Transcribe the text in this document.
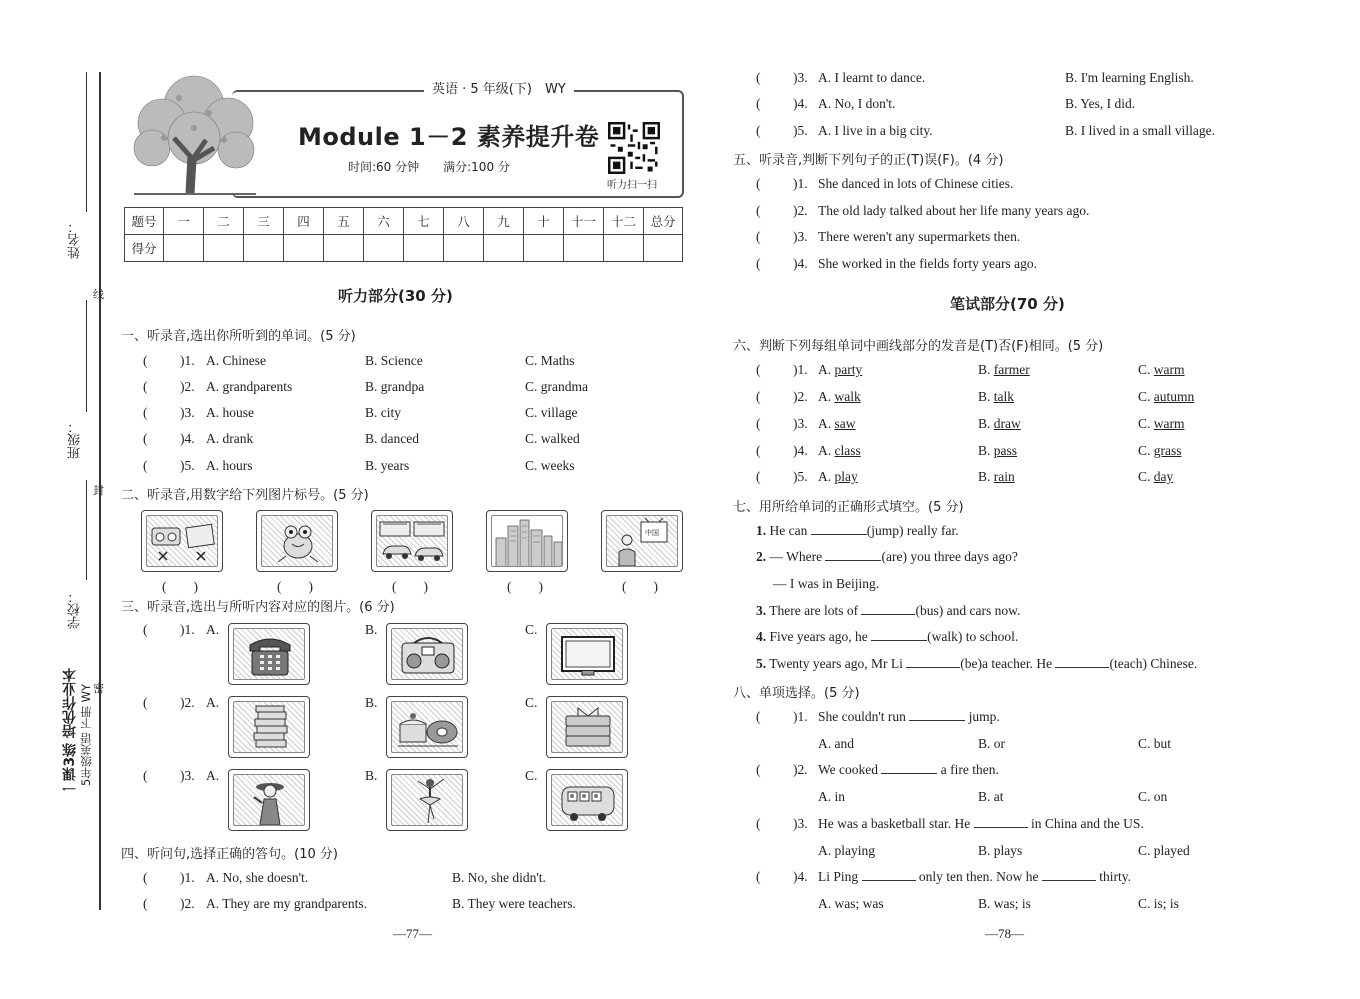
姓名：
线
班级：
封
学校：
密
一课3练 培优作业本 5年级英语 下册 WY
英语 · 5 年级(下)　WY
Module 1－2 素养提升卷
时间:60 分钟　　满分:100 分
听力扫一扫
题号	一	二	三	四	五	六	七	八	九	十	十一	十二	总分
得分													
听力部分(30 分)
一、听录音,选出你所听到的单词。(5 分)
( )1. A. Chinese	B. Science	C. Maths
( )2. A. grandparents	B. grandpa	C. grandma
( )3. A. house	B. city	C. village
( )4. A. drank	B. danced	C. walked
( )5. A. hours	B. years	C. weeks
二、听录音,用数字给下列图片标号。(5 分)
中国
(　　)	(　　)	(　　)	(　　)	(　　)
三、听录音,选出与所听内容对应的图片。(6 分)
( )1. A.	B.	C.
( )2. A.	B.	C.
( )3. A.	B.	C.
四、听问句,选择正确的答句。(10 分)
( )1. A. No, she doesn't.	B. No, she didn't.
( )2. A. They are my grandparents.	B. They were teachers.
—77—
( )3. A. I learnt to dance.	B. I'm learning English.
( )4. A. No, I don't.	B. Yes, I did.
( )5. A. I live in a big city.	B. I lived in a small village.
五、听录音,判断下列句子的正(T)误(F)。(4 分)
( )1. She danced in lots of Chinese cities.
( )2. The old lady talked about her life many years ago.
( )3. There weren't any supermarkets then.
( )4. She worked in the fields forty years ago.
笔试部分(70 分)
六、判断下列每组单词中画线部分的发音是(T)否(F)相同。(5 分)
( )1. A. party	B. farmer	C. warm
( )2. A. walk	B. talk	C. autumn
( )3. A. saw	B. draw	C. warm
( )4. A. class	B. pass	C. grass
( )5. A. play	B. rain	C. day
七、用所给单词的正确形式填空。(5 分)
1. He can	(jump) really far.
2. — Where	(are) you three days ago?
— I was in Beijing.
3. There are lots of	(bus) and cars now.
4. Five years ago, he	(walk) to school.
5. Twenty years ago, Mr Li	(be)a teacher. He	(teach) Chinese.
八、单项选择。(5 分)
( )1. She couldn't run	jump.
A. and	B. or	C. but
( )2. We cooked	a fire then.
A. in	B. at	C. on
( )3. He was a basketball star. He	in China and the US.
A. playing	B. plays	C. played
( )4. Li Ping	only ten then. Now he	thirty.
A. was; was	B. was; is	C. is; is
—78—
